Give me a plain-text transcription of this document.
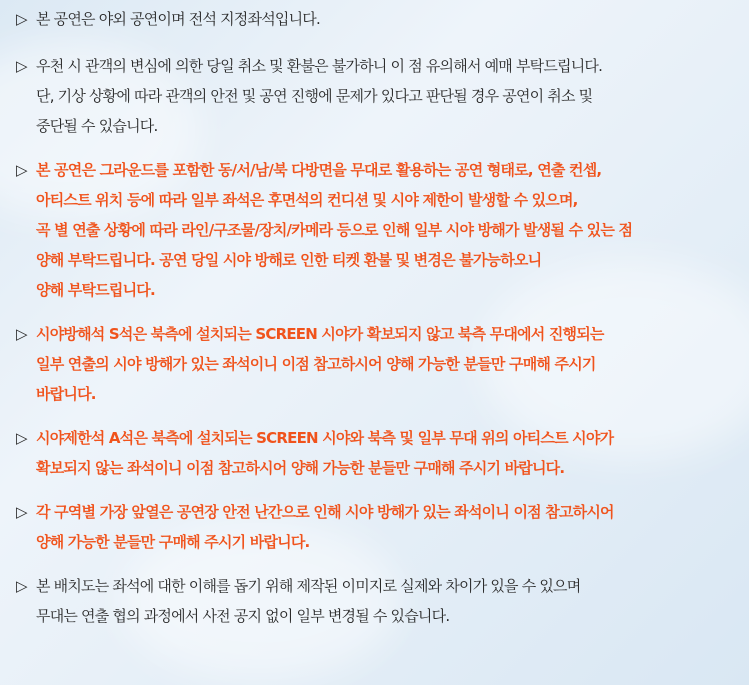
▷ 본 공연은 야외 공연이며 전석 지정좌석입니다.
▷ 우천 시 관객의 변심에 의한 당일 취소 및 환불은 불가하니 이 점 유의해서 예매 부탁드립니다.
단, 기상 상황에 따라 관객의 안전 및 공연 진행에 문제가 있다고 판단될 경우 공연이 취소 및
중단될 수 있습니다.
▷ 본 공연은 그라운드를 포함한 동/서/남/북 다방면을 무대로 활용하는 공연 형태로, 연출 컨셉,
아티스트 위치 등에 따라 일부 좌석은 후면석의 컨디션 및 시야 제한이 발생할 수 있으며,
곡 별 연출 상황에 따라 라인/구조물/장치/카메라 등으로 인해 일부 시야 방해가 발생될 수 있는 점
양해 부탁드립니다. 공연 당일 시야 방해로 인한 티켓 환불 및 변경은 불가능하오니
양해 부탁드립니다.
▷ 시야방해석 S석은 북측에 설치되는 SCREEN 시야가 확보되지 않고 북측 무대에서 진행되는
일부 연출의 시야 방해가 있는 좌석이니 이점 참고하시어 양해 가능한 분들만 구매해 주시기
바랍니다.
▷ 시야제한석 A석은 북측에 설치되는 SCREEN 시야와 북측 및 일부 무대 위의 아티스트 시야가
확보되지 않는 좌석이니 이점 참고하시어 양해 가능한 분들만 구매해 주시기 바랍니다.
▷ 각 구역별 가장 앞열은 공연장 안전 난간으로 인해 시야 방해가 있는 좌석이니 이점 참고하시어
양해 가능한 분들만 구매해 주시기 바랍니다.
▷ 본 배치도는 좌석에 대한 이해를 돕기 위해 제작된 이미지로 실제와 차이가 있을 수 있으며
무대는 연출 협의 과정에서 사전 공지 없이 일부 변경될 수 있습니다.
